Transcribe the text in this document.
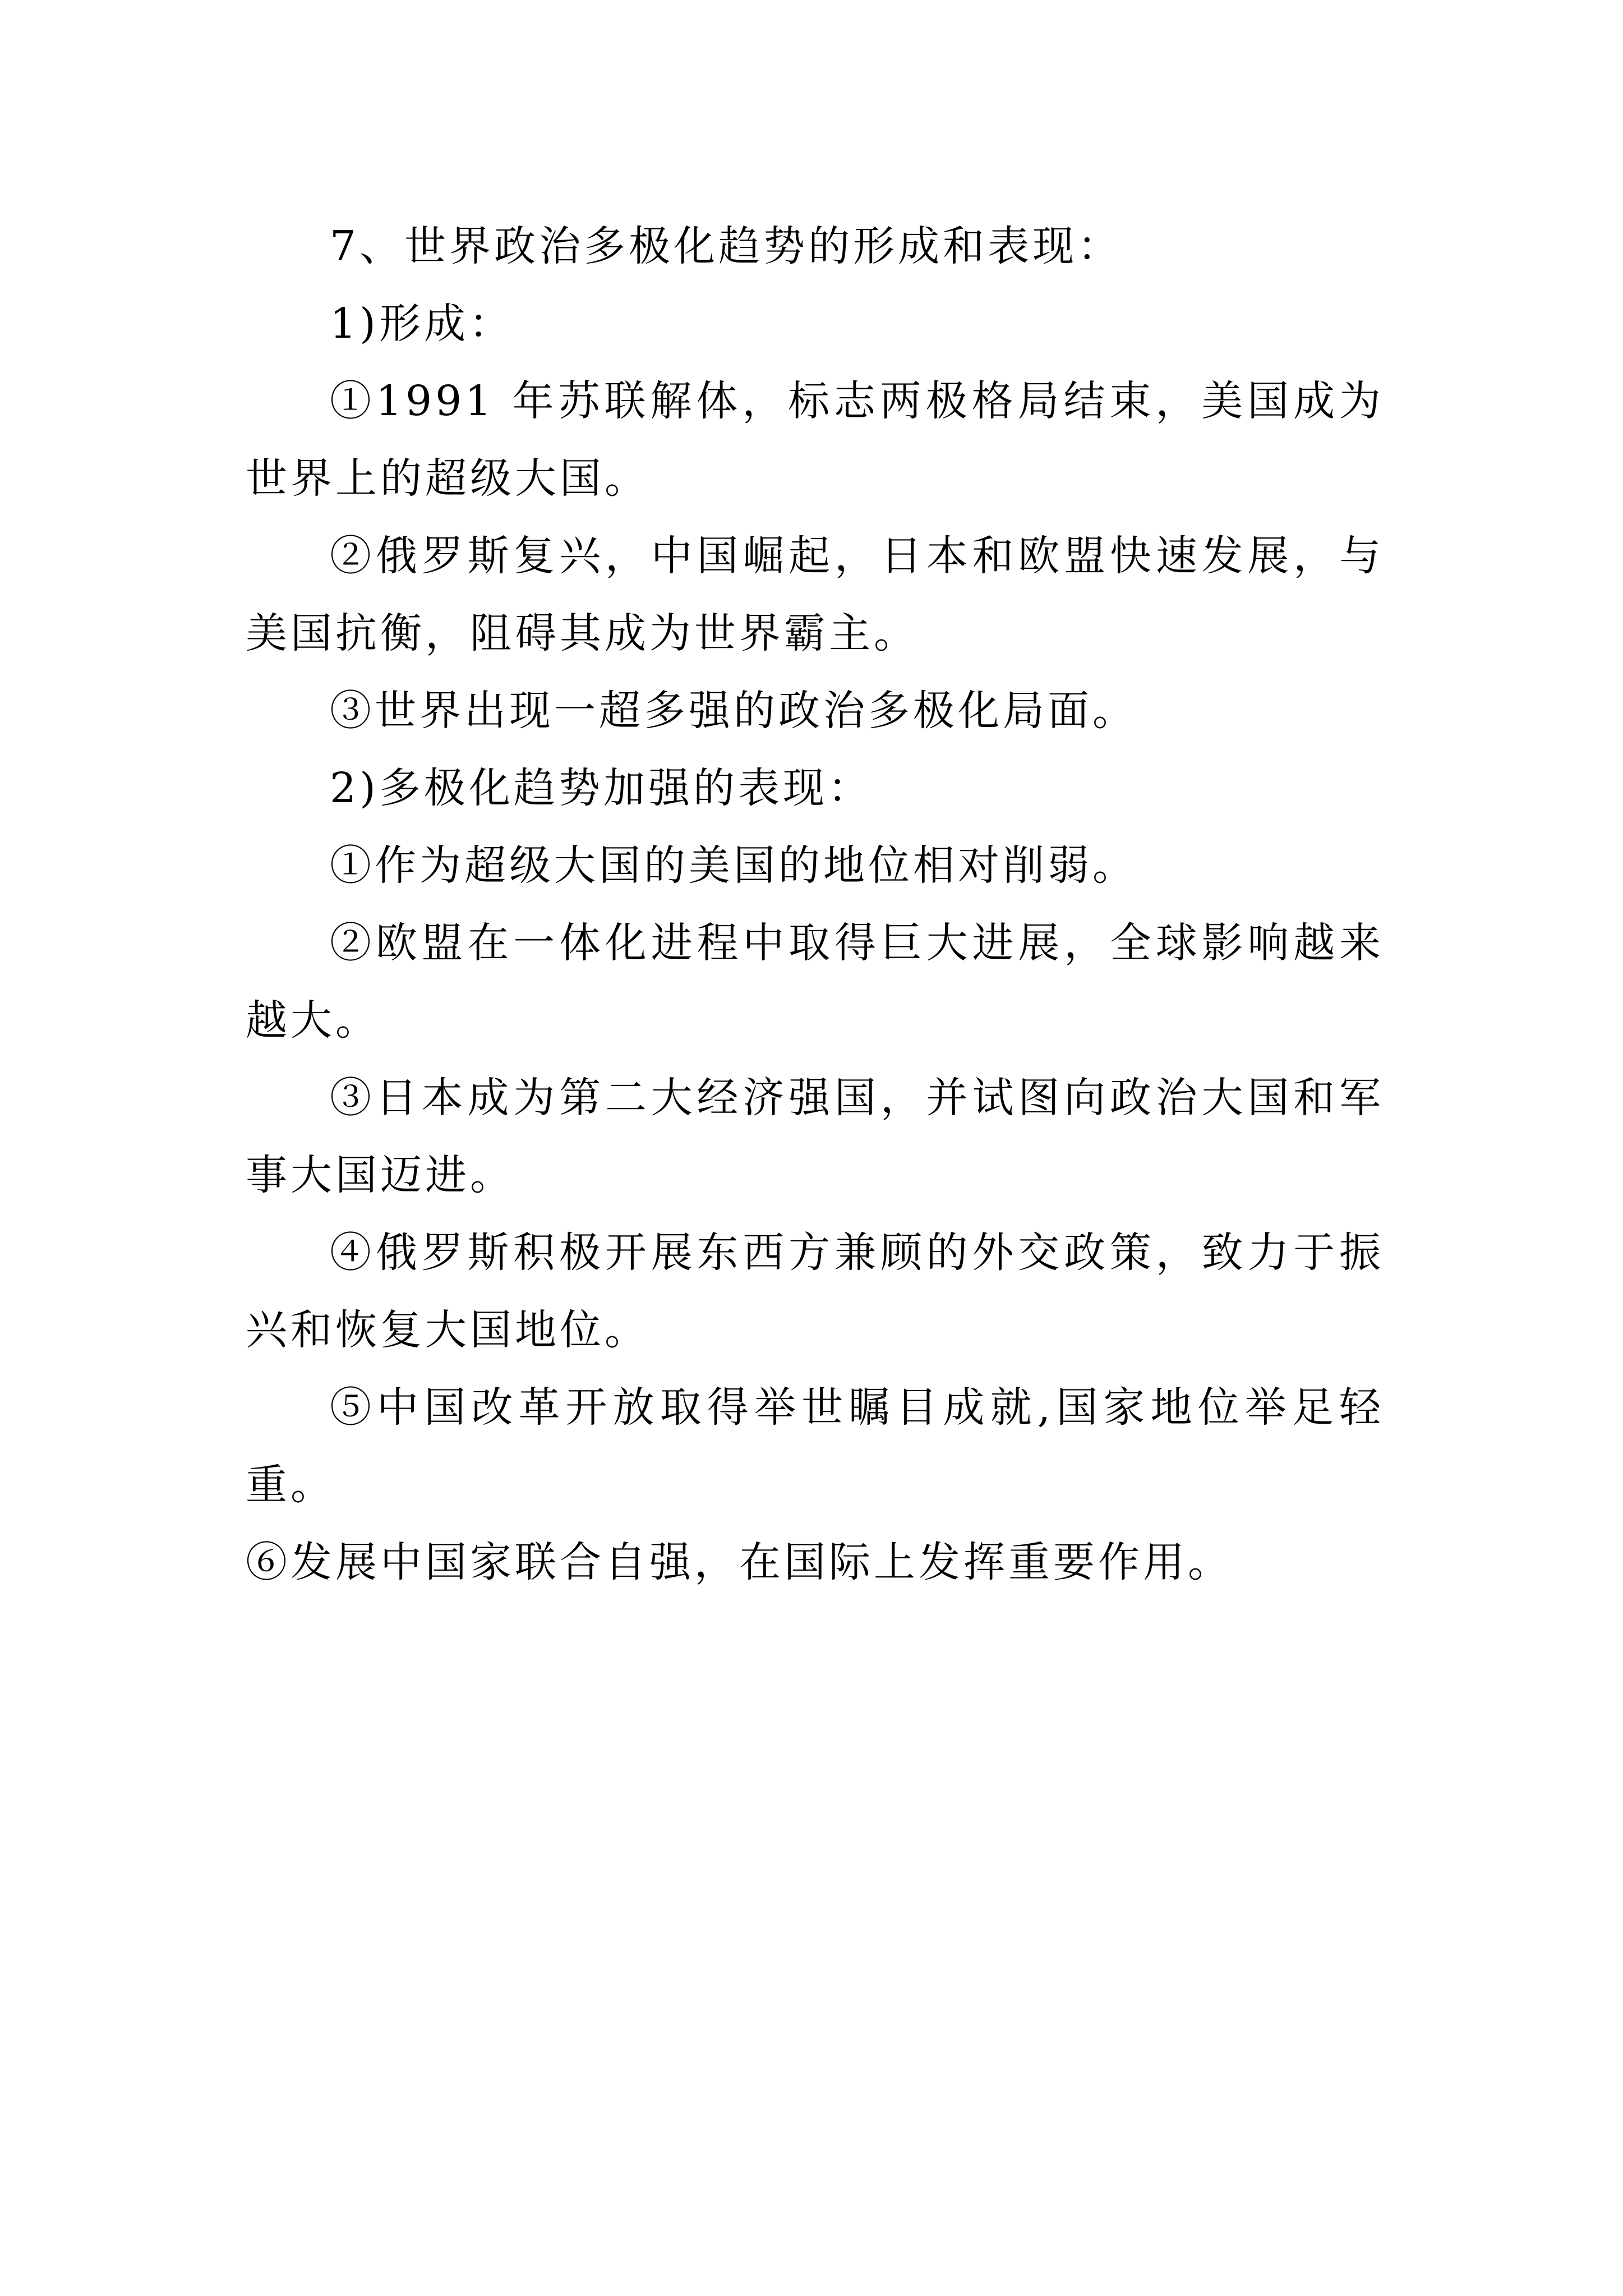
7、世界政治多极化趋势的形成和表现：

1)形成：

①1991 年苏联解体，标志两极格局结束，美国成为世界上的超级大国。

②俄罗斯复兴，中国崛起，日本和欧盟快速发展，与美国抗衡，阻碍其成为世界霸主。

③世界出现一超多强的政治多极化局面。

2)多极化趋势加强的表现：

①作为超级大国的美国的地位相对削弱。

②欧盟在一体化进程中取得巨大进展，全球影响越来越大。

③日本成为第二大经济强国，并试图向政治大国和军事大国迈进。

④俄罗斯积极开展东西方兼顾的外交政策，致力于振兴和恢复大国地位。

⑤中国改革开放取得举世瞩目成就,国家地位举足轻重。

⑥发展中国家联合自强，在国际上发挥重要作用。
